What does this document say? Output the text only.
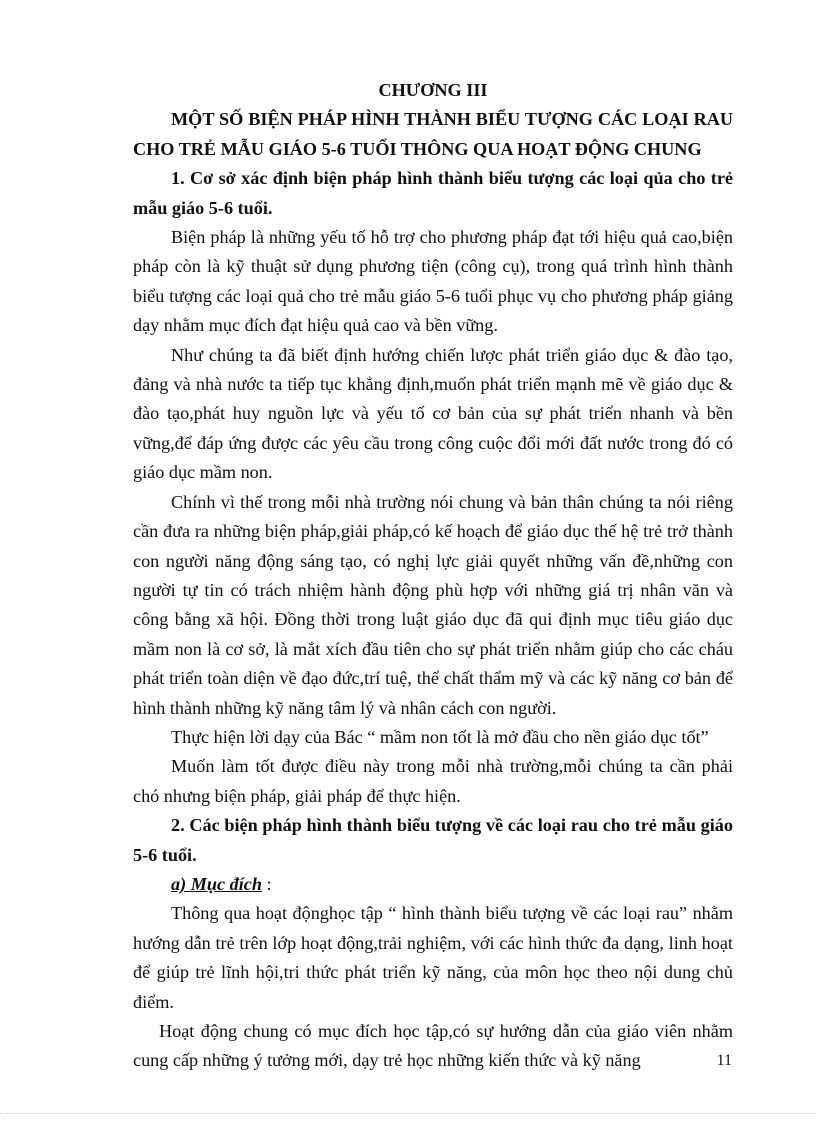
CHƯƠNG III

MỘT SỐ BIỆN PHÁP HÌNH THÀNH BIỂU TƯỢNG CÁC LOẠI RAU CHO TRẺ MẪU GIÁO 5-6 TUỔI THÔNG QUA HOẠT ĐỘNG CHUNG

1. Cơ sở xác định biện pháp hình thành biểu tượng các loại qủa cho trẻ mẫu giáo 5-6 tuổi.

Biện pháp là những yếu tố hỗ trợ cho phương pháp đạt tới hiệu quả cao,biện pháp còn là kỹ thuật sử dụng phương tiện (công cụ), trong quá trình hình thành biểu tượng các loại quả cho trẻ mẫu giáo 5-6 tuổi phục vụ cho phương pháp giảng dạy nhằm mục đích đạt hiệu quả cao và bền vững.

Như chúng ta đã biết định hướng chiến lược phát triển giáo dục & đào tạo, đảng và nhà nước ta tiếp tục khẳng định,muốn phát triển mạnh mẽ về giáo dục & đào tạo,phát huy nguồn lực và yếu tố cơ bản của sự phát triển nhanh và bền vững,để đáp ứng được các yêu cầu trong công cuộc đổi mới đất nước trong đó có giáo dục mầm non.

Chính vì thế trong mỗi nhà trường nói chung và bản thân chúng ta nói riêng cần đưa ra những biện pháp,giải pháp,có kế hoạch để giáo dục thế hệ trẻ trở thành con người năng động sáng tạo, có nghị lực giải quyết những vấn đề,những con người tự tin có trách nhiệm hành động phù hợp với những giá trị nhân văn và công bằng xã hội. Đồng thời trong luật giáo dục đã qui định mục tiêu giáo dục mầm non là cơ sở, là mắt xích đầu tiên cho sự phát triển nhằm giúp cho các cháu phát triển toàn diện về đạo đức,trí tuệ, thể chất thẩm mỹ và các kỹ năng cơ bản để hình thành những kỹ năng tâm lý và nhân cách con người.

Thực hiện lời dạy của Bác “ mầm non tốt là mở đầu cho nền giáo dục tốt”

Muốn làm tốt được điều này trong mỗi nhà trường,mỗi chúng ta cần phải chó nhưng biện pháp, giải pháp để thực hiện.

2. Các biện pháp hình thành biểu tượng về các loại rau cho trẻ mẫu giáo 5-6 tuổi.

a) Mục đích :

Thông qua hoạt độnghọc tập “ hình thành biểu tượng về các loại rau” nhằm hướng dẫn trẻ trên lớp hoạt động,trải nghiệm, với các hình thức đa dạng, linh hoạt để giúp trẻ lĩnh hội,tri thức phát triển kỹ năng, của môn học theo nội dung chủ điểm.

Hoạt động chung có mục đích học tập,có sự hướng dẫn của giáo viên nhằm cung cấp những ý tưởng mới, dạy trẻ học những kiến thức và kỹ năng	11
